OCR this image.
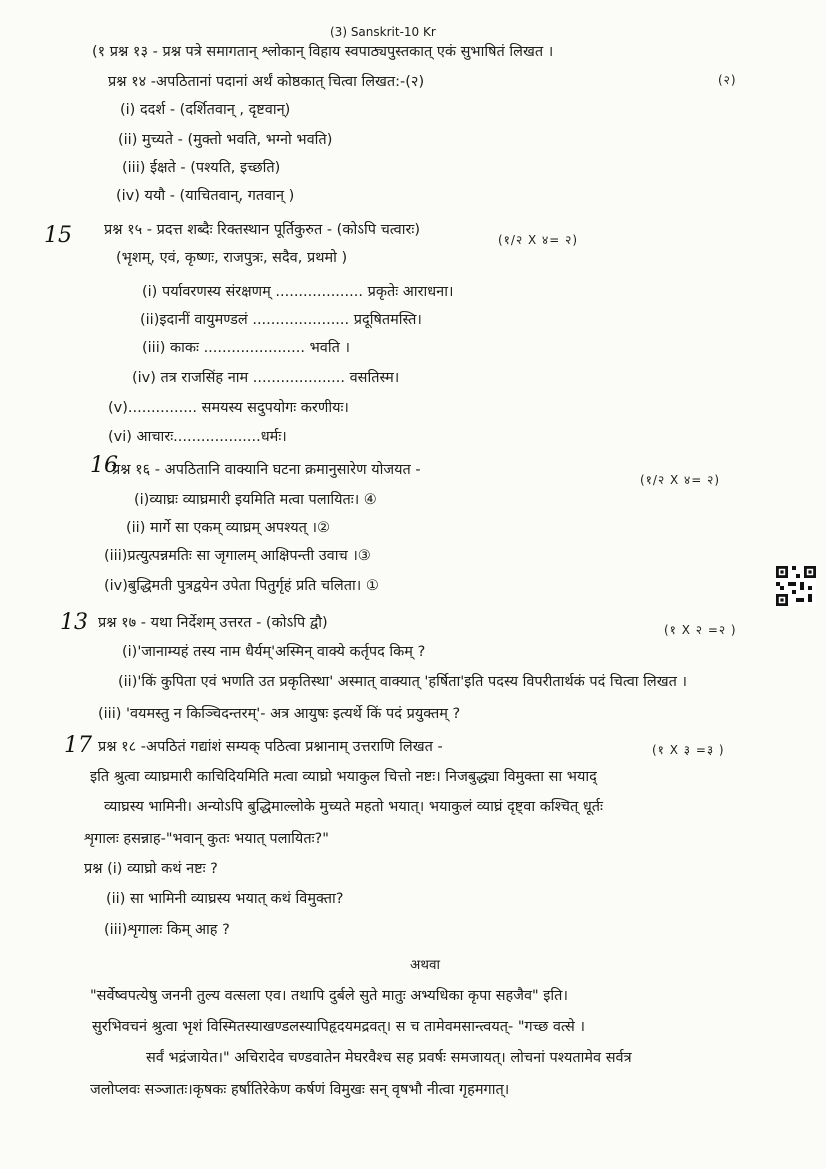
(3) Sanskrit-10 Kr
15
16
13
17
(१ प्रश्न १३ - प्रश्न पत्रे समागतान् श्लोकान् विहाय स्वपाठ्यपुस्तकात् एकं सुभाषितं लिखत ।
प्रश्न १४ -अपठितानां पदानां अर्थं कोष्ठकात् चित्वा लिखत:-(२)	(२)
(i) ददर्श - (दर्शितवान् , दृष्टवान्)
(ii) मुच्यते - (मुक्तो भवति, भग्नो भवति)
(iii) ईक्षते - (पश्यति, इच्छति)
(iv) ययौ - (याचितवान्, गतवान् )
प्रश्न १५ - प्रदत्त शब्दैः रिक्तस्थान पूर्तिकुरुत - (कोऽपि चत्वारः)
(१/२ X ४= २)
(भृशम्, एवं, कृष्णः, राजपुत्रः, सदैव, प्रथमो )
(i) पर्यावरणस्य संरक्षणम् ................... प्रकृतेः आराधना।
(ii)इदानीं वायुमण्डलं ..................... प्रदूषितमस्ति।
(iii) काकः ...................... भवति ।
(iv) तत्र राजसिंह नाम .................... वसतिस्म।
(v)............... समयस्य सदुपयोगः करणीयः।
(vi) आचारः...................धर्मः।
प्रश्न १६ - अपठितानि वाक्यानि घटना क्रमानुसारेण योजयत -
(१/२ X ४= २)
(i)व्याघ्रः व्याघ्रमारी इयमिति मत्वा पलायितः। ④
(ii) मार्गे सा एकम् व्याघ्रम् अपश्यत् ।②
(iii)प्रत्युत्पन्नमतिः सा जृगालम् आक्षिपन्ती उवाच ।③
(iv)बुद्धिमती पुत्रद्वयेन उपेता पितुर्गृहं प्रति चलिता। ①
प्रश्न १७ - यथा निर्देशम् उत्तरत - (कोऽपि द्वौ)	(१ X २ =२ )
(i)'जानाम्यहं तस्य नाम धैर्यम्'अस्मिन् वाक्ये कर्तृपद किम् ?
(ii)'किं कुपिता एवं भणति उत प्रकृतिस्था' अस्मात् वाक्यात् 'हर्षिता'इति पदस्य विपरीतार्थकं पदं चित्वा लिखत ।
(iii) 'वयमस्तु न किञ्चिदन्तरम्'- अत्र आयुषः इत्यर्थे किं पदं प्रयुक्तम् ?
प्रश्न १८ -अपठितं गद्यांशं सम्यक् पठित्वा प्रश्नानाम् उत्तराणि लिखत -	(१ X ३ =३ )
इति श्रुत्वा व्याघ्रमारी काचिदियमिति मत्वा व्याघ्रो भयाकुल चित्तो नष्टः। निजबुद्ध्या विमुक्ता सा भयाद्
व्याघ्रस्य भामिनी। अन्योऽपि बुद्धिमाल्लोके मुच्यते महतो भयात्। भयाकुलं व्याघ्रं दृष्ट्वा कश्चित् धूर्तः
शृगालः हसन्नाह-"भवान् कुतः भयात् पलायितः?"
प्रश्न (i) व्याघ्रो कथं नष्टः ?
(ii) सा भामिनी व्याघ्रस्य भयात् कथं विमुक्ता?
(iii)शृगालः किम् आह ?
अथवा
"सर्वेष्वपत्येषु जननी तुल्य वत्सला एव। तथापि दुर्बले सुते मातुः अभ्यधिका कृपा सहजैव" इति।
सुरभिवचनं श्रुत्वा भृशं विस्मितस्याखण्डलस्यापिहृदयमद्रवत्। स च तामेवमसान्त्वयत्- "गच्छ वत्से ।
सर्वं भद्रंजायेत।" अचिरादेव चण्डवातेन मेघरवैश्च सह प्रवर्षः समजायत्। लोचनां पश्यतामेव सर्वत्र
जलोप्लवः सञ्जातः।कृषकः हर्षातिरेकेण कर्षणं विमुखः सन् वृषभौ नीत्वा गृहमगात्।
